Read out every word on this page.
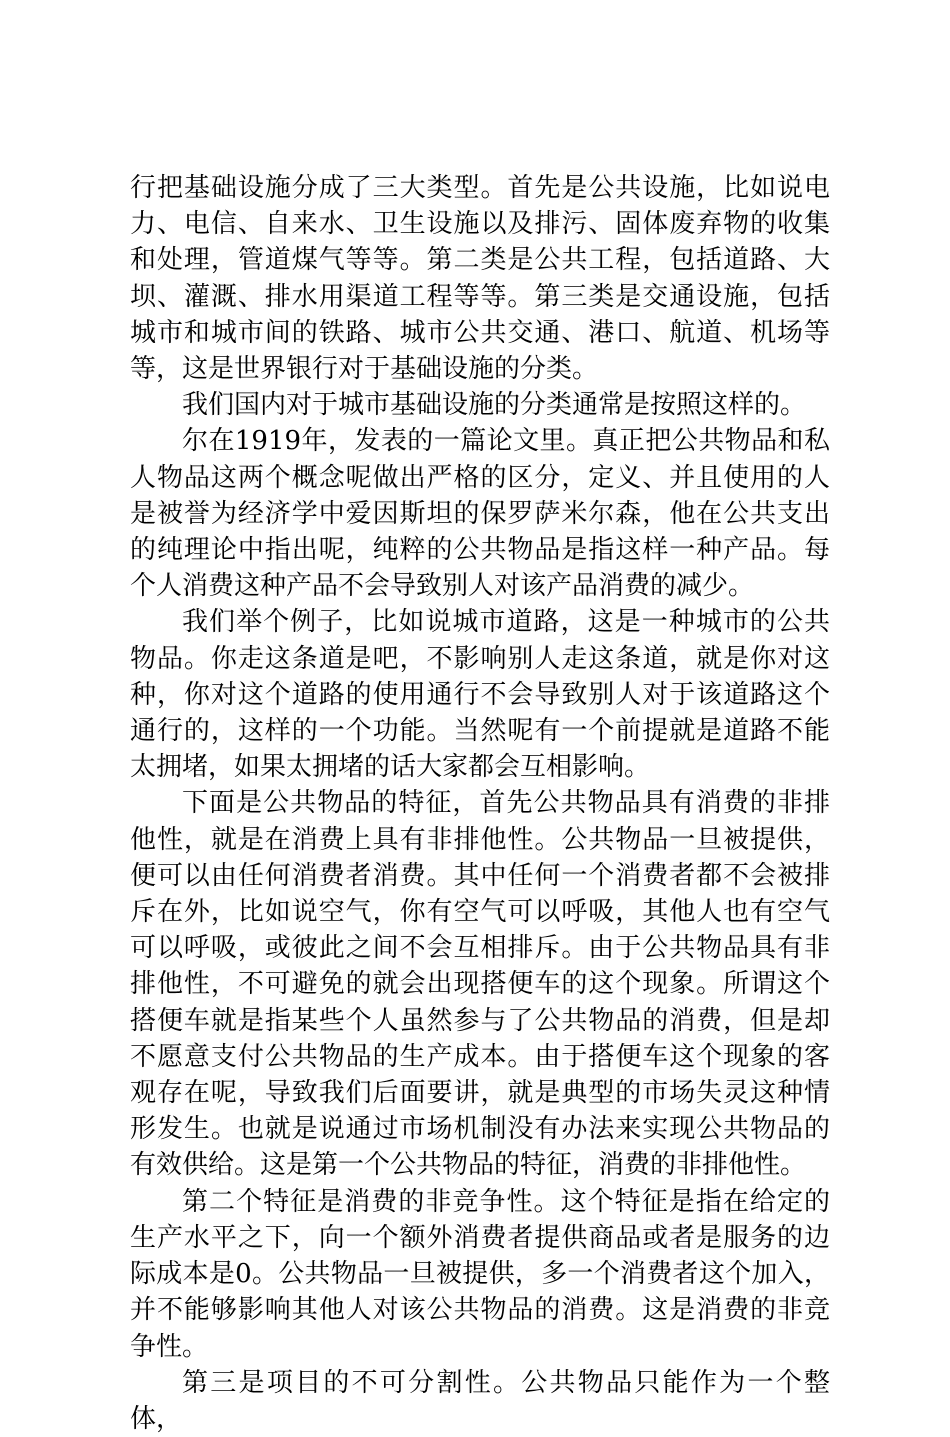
行把基础设施分成了三大类型。首先是公共设施，比如说电力、电信、自来水、卫生设施以及排污、固体废弃物的收集和处理，管道煤气等等。第二类是公共工程，包括道路、大坝、灌溉、排水用渠道工程等等。第三类是交通设施，包括城市和城市间的铁路、城市公共交通、港口、航道、机场等等，这是世界银行对于基础设施的分类。

我们国内对于城市基础设施的分类通常是按照这样的。

尔在1919年，发表的一篇论文里。真正把公共物品和私人物品这两个概念呢做出严格的区分，定义、并且使用的人是被誉为经济学中爱因斯坦的保罗萨米尔森，他在公共支出的纯理论中指出呢，纯粹的公共物品是指这样一种产品。每个人消费这种产品不会导致别人对该产品消费的减少。

我们举个例子，比如说城市道路，这是一种城市的公共物品。你走这条道是吧，不影响别人走这条道，就是你对这种，你对这个道路的使用通行不会导致别人对于该道路这个通行的，这样的一个功能。当然呢有一个前提就是道路不能太拥堵，如果太拥堵的话大家都会互相影响。

下面是公共物品的特征，首先公共物品具有消费的非排他性，就是在消费上具有非排他性。公共物品一旦被提供，便可以由任何消费者消费。其中任何一个消费者都不会被排斥在外，比如说空气，你有空气可以呼吸，其他人也有空气可以呼吸，或彼此之间不会互相排斥。由于公共物品具有非排他性，不可避免的就会出现搭便车的这个现象。所谓这个搭便车就是指某些个人虽然参与了公共物品的消费，但是却不愿意支付公共物品的生产成本。由于搭便车这个现象的客观存在呢，导致我们后面要讲，就是典型的市场失灵这种情形发生。也就是说通过市场机制没有办法来实现公共物品的有效供给。这是第一个公共物品的特征，消费的非排他性。

第二个特征是消费的非竞争性。这个特征是指在给定的生产水平之下，向一个额外消费者提供商品或者是服务的边际成本是0。公共物品一旦被提供，多一个消费者这个加入，并不能够影响其他人对该公共物品的消费。这是消费的非竞争性。

第三是项目的不可分割性。公共物品只能作为一个整体，
